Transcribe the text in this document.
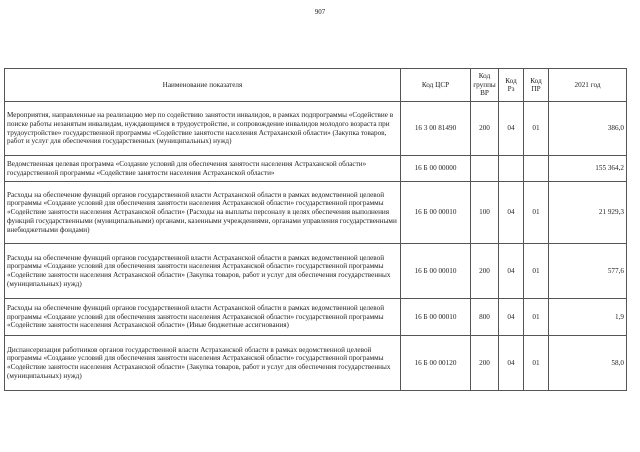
907
Наименование показателя	Код ЦСР	Код группы ВР	Код Рз	Код ПР	2021 год
Мероприятия, направленные на реализацию мер по содействию занятости инвалидов, в рамках подпрограммы «Содействие в поиске работы незанятым инвалидам, нуждающимся в трудоустройстве, и сопровождение инвалидов молодого возраста при трудоустройстве» государственной программы «Содействие занятости населения Астраханской области» (Закупка товаров, работ и услуг для обеспечения государственных (муниципальных) нужд)	16 3 00 81490	200	04	01	386,0
Ведомственная целевая программа «Создание условий для обеспечения занятости населения Астраханской области» государственной программы «Содействие занятости населения Астраханской области»	16 Б 00 00000				155 364,2
Расходы на обеспечение функций органов государственной власти Астраханской области в рамках ведомственной целевой программы «Создание условий для обеспечения занятости населения Астраханской области» государственной программы «Содействие занятости населения Астраханской области» (Расходы на выплаты персоналу в целях обеспечения выполнения функций государственными (муниципальными) органами, казенными учреждениями, органами управления государственными внебюджетными фондами)	16 Б 00 00010	100	04	01	21 929,3
Расходы на обеспечение функций органов государственной власти Астраханской области в рамках ведомственной целевой программы «Создание условий для обеспечения занятости населения Астраханской области» государственной программы «Содействие занятости населения Астраханской области» (Закупка товаров, работ и услуг для обеспечения государственных (муниципальных) нужд)	16 Б 00 00010	200	04	01	577,6
Расходы на обеспечение функций органов государственной власти Астраханской области в рамках ведомственной целевой программы «Создание условий для обеспечения занятости населения Астраханской области» государственной программы «Содействие занятости населения Астраханской области» (Иные бюджетные ассигнования)	16 Б 00 00010	800	04	01	1,9
Диспансеризация работников органов государственной власти Астраханской области в рамках ведомственной целевой программы «Создание условий для обеспечения занятости населения Астраханской области» государственной программы «Содействие занятости населения Астраханской области» (Закупка товаров, работ и услуг для обеспечения государственных (муниципальных) нужд)	16 Б 00 00120	200	04	01	58,0
